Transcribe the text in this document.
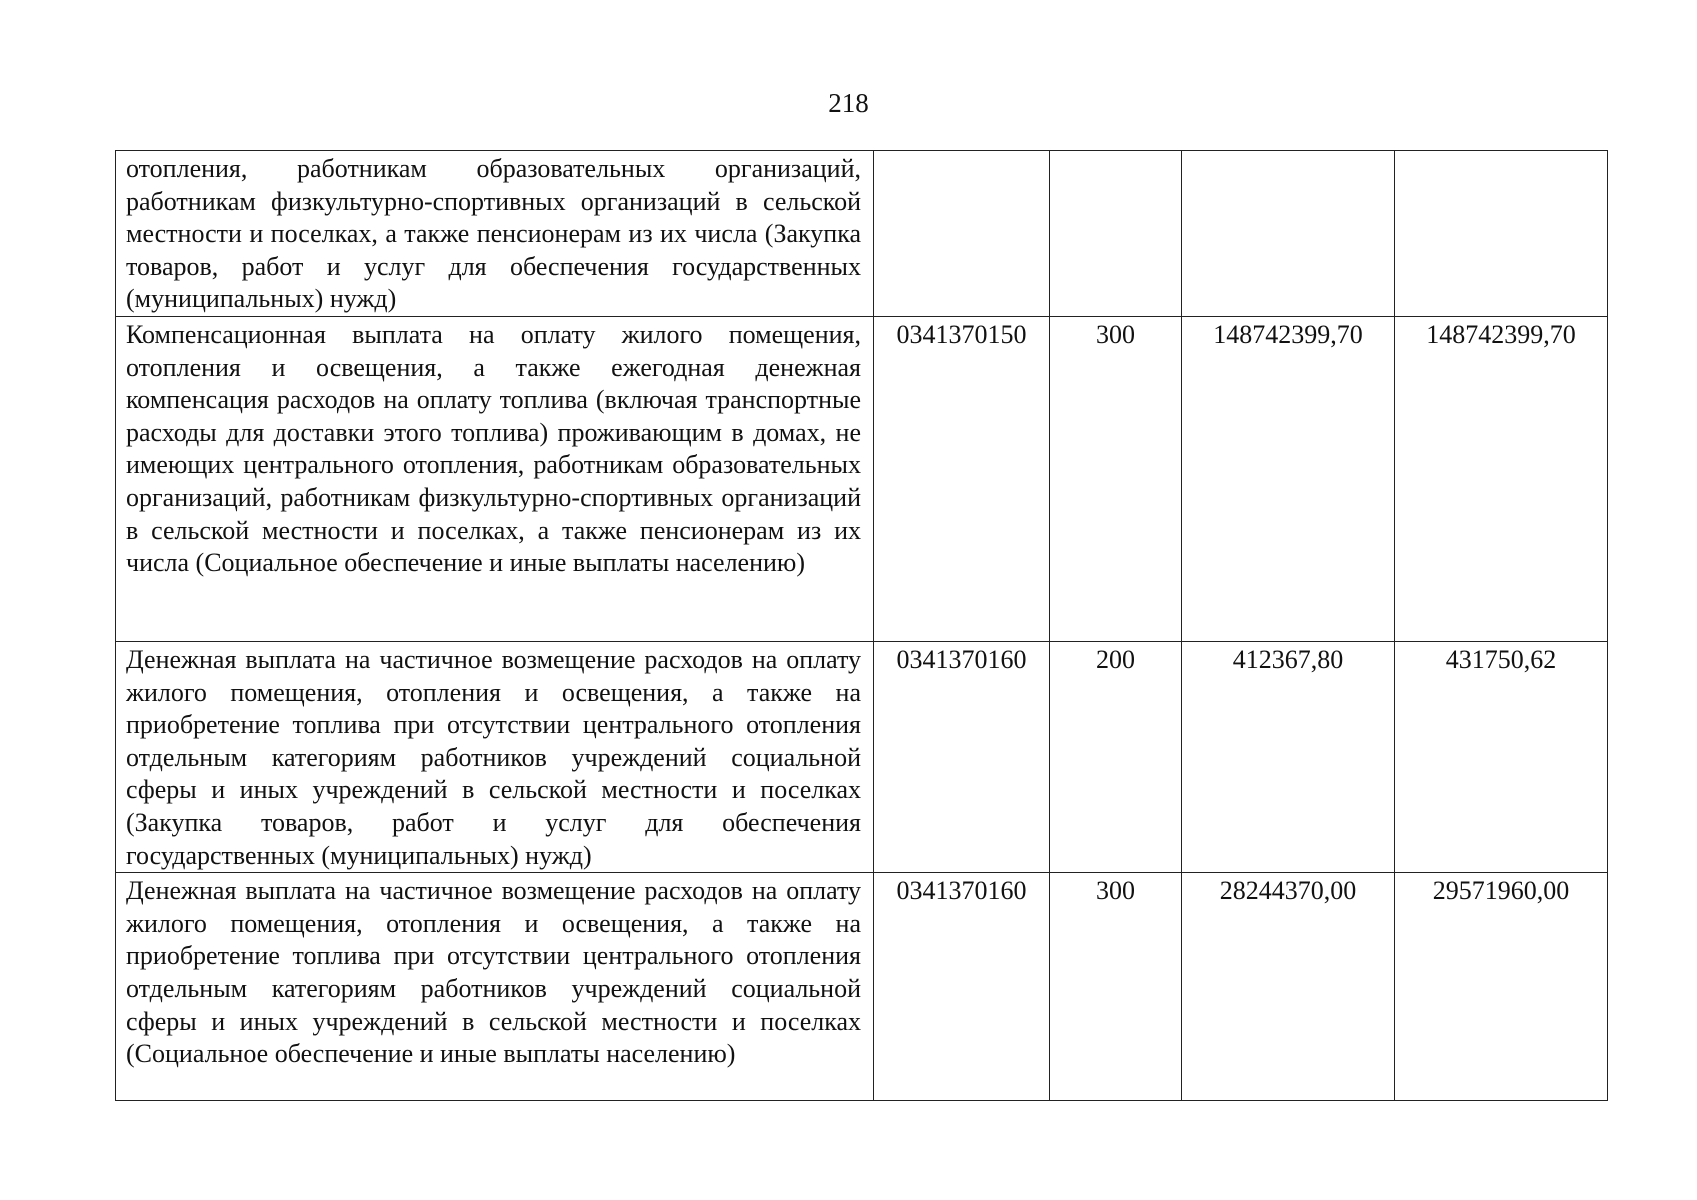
218
отопления, работникам образовательных организаций, работникам физкультурно-спортивных организаций в сельской местности и поселках, а также пенсионерам из их числа (Закупка товаров, работ и услуг для обеспечения государственных (муниципальных) нужд)				
Компенсационная выплата на оплату жилого помещения, отопления и освещения, а также ежегодная денежная компенсация расходов на оплату топлива (включая транспортные расходы для доставки этого топлива) проживающим в домах, не имеющих центрального отопления, работникам образовательных организаций, работникам физкультурно-спортивных организаций в сельской местности и поселках, а также пенсионерам из их числа (Социальное обеспечение и иные выплаты населению)	0341370150	300	148742399,70	148742399,70
Денежная выплата на частичное возмещение расходов на оплату жилого помещения, отопления и освещения, а также на приобретение топлива при отсутствии центрального отопления отдельным категориям работников учреждений социальной сферы и иных учреждений в сельской местности и поселках (Закупка товаров, работ и услуг для обеспечения государственных (муниципальных) нужд)	0341370160	200	412367,80	431750,62
Денежная выплата на частичное возмещение расходов на оплату жилого помещения, отопления и освещения, а также на приобретение топлива при отсутствии центрального отопления отдельным категориям работников учреждений социальной сферы и иных учреждений в сельской местности и поселках (Социальное обеспечение и иные выплаты населению)	0341370160	300	28244370,00	29571960,00
